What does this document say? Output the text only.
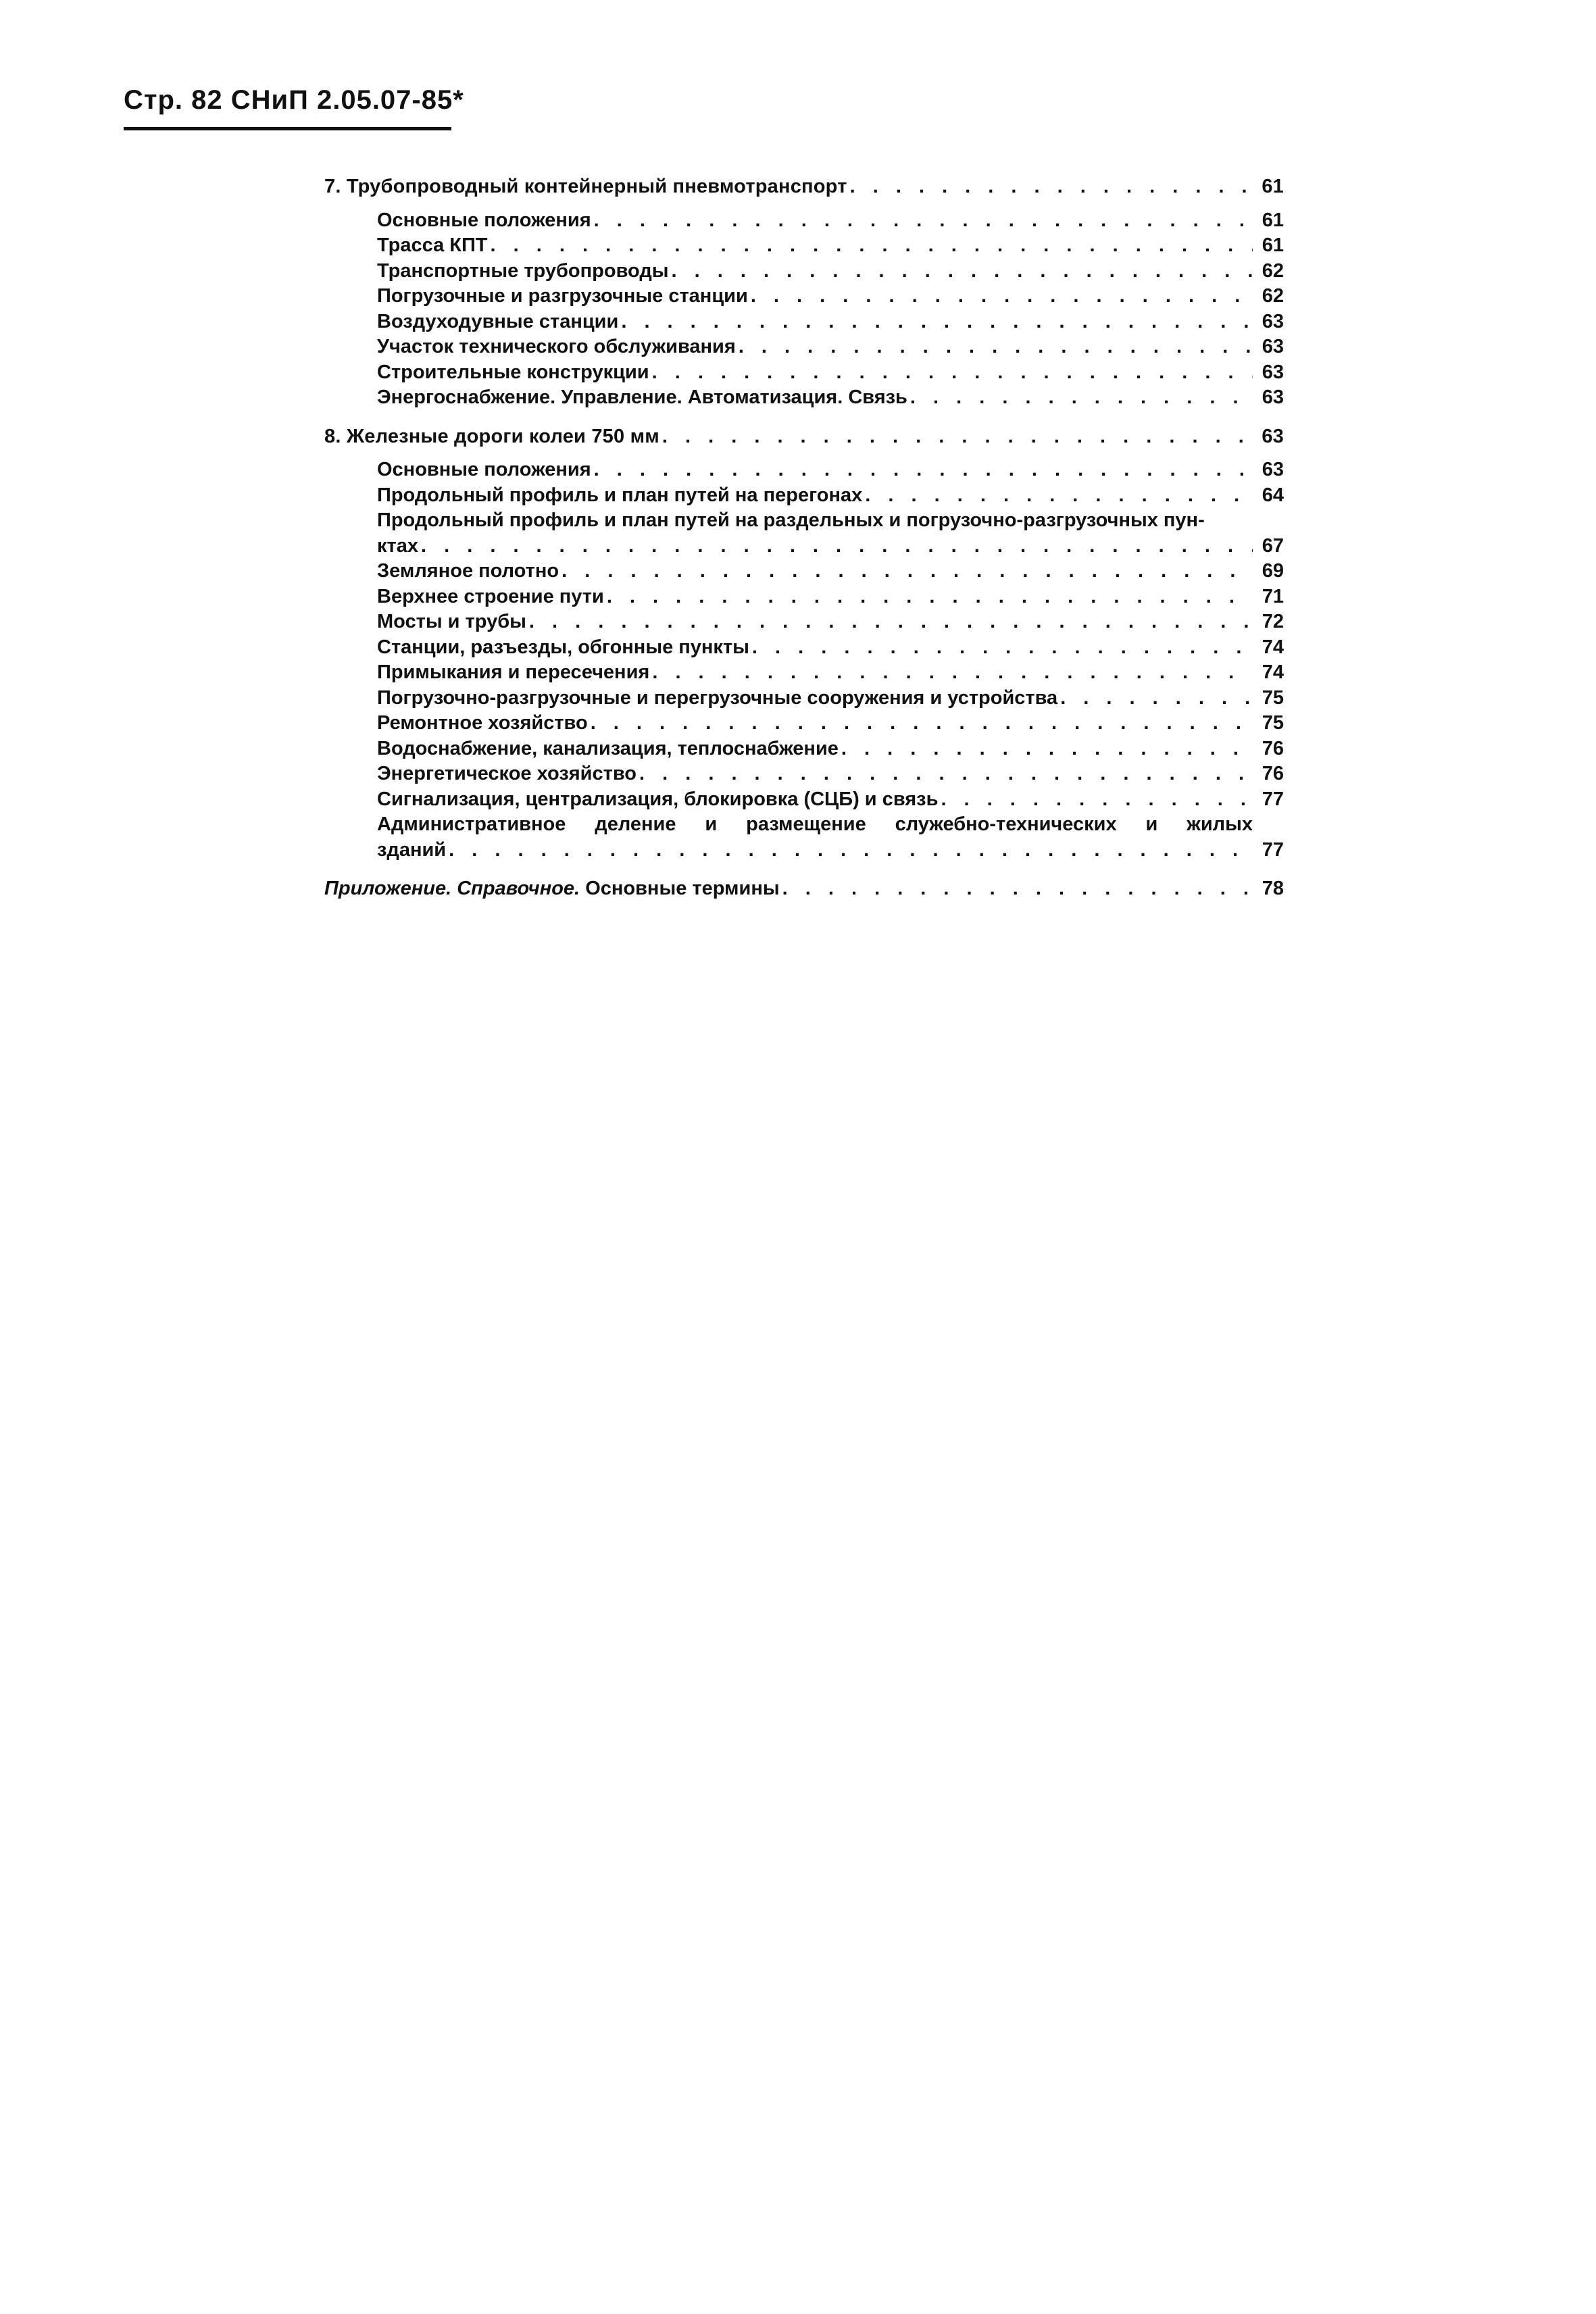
Стр. 82 СНиП 2.05.07-85*
7. Трубопроводный контейнерный пневмотранспорт . . .	61
Основные положения . . .	61
Трасса КПТ . . .	61
Транспортные трубопроводы . . .	62
Погрузочные и разгрузочные станции . . .	62
Воздуходувные станции . . .	63
Участок технического обслуживания . . .	63
Строительные конструкции . . .	63
Энергоснабжение. Управление. Автоматизация. Связь . . .	63
8. Железные дороги колеи 750 мм . . .	63
Основные положения . . .	63
Продольный профиль и план путей на перегонах . . .	64
Продольный профиль и план путей на раздельных и погрузочно-разгрузочных пун-
ктах . . .	67
Земляное полотно . . .	69
Верхнее строение пути . . .	71
Мосты и трубы . . .	72
Станции, разъезды, обгонные пункты . . .	74
Примыкания и пересечения . . .	74
Погрузочно-разгрузочные и перегрузочные сооружения и устройства . . .	75
Ремонтное хозяйство . . .	75
Водоснабжение, канализация, теплоснабжение . . .	76
Энергетическое хозяйство . . .	76
Сигнализация, централизация, блокировка (СЦБ) и связь . . .	77
Административное деление и размещение служебно-технических и жилых
зданий . . .	77
Приложение. Справочное. Основные термины . . .	78
